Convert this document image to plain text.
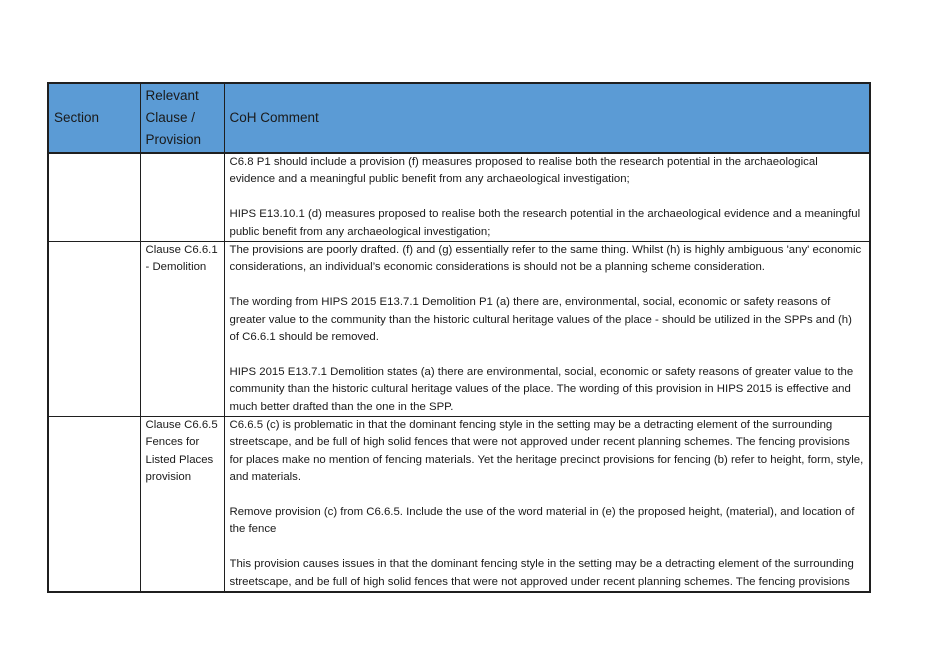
Section	Relevant Clause / Provision	CoH Comment

		C6.8 P1 should include a provision (f) measures proposed to realise both the research potential in the archaeological evidence and a meaningful public benefit from any archaeological investigation;

HIPS E13.10.1 (d) measures proposed to realise both the research potential in the archaeological evidence and a meaningful public benefit from any archaeological investigation;

	Clause C6.6.1 - Demolition	The provisions are poorly drafted. (f) and (g) essentially refer to the same thing. Whilst (h) is highly ambiguous 'any' economic considerations, an individual’s economic considerations is should not be a planning scheme consideration.

The wording from HIPS 2015 E13.7.1 Demolition P1 (a) there are, environmental, social, economic or safety reasons of greater value to the community than the historic cultural heritage values of the place - should be utilized in the SPPs and (h) of C6.6.1 should be removed.

HIPS 2015 E13.7.1 Demolition states (a) there are environmental, social, economic or safety reasons of greater value to the community than the historic cultural heritage values of the place. The wording of this provision in HIPS 2015 is effective and much better drafted than the one in the SPP.

	Clause C6.6.5 Fences for Listed Places provision	C6.6.5 (c) is problematic in that the dominant fencing style in the setting may be a detracting element of the surrounding streetscape, and be full of high solid fences that were not approved under recent planning schemes. The fencing provisions for places make no mention of fencing materials. Yet the heritage precinct provisions for fencing (b) refer to height, form, style, and materials.

Remove provision (c) from C6.6.5. Include the use of the word material in (e) the proposed height, (material), and location of the fence

This provision causes issues in that the dominant fencing style in the setting may be a detracting element of the surrounding streetscape, and be full of high solid fences that were not approved under recent planning schemes. The fencing provisions
